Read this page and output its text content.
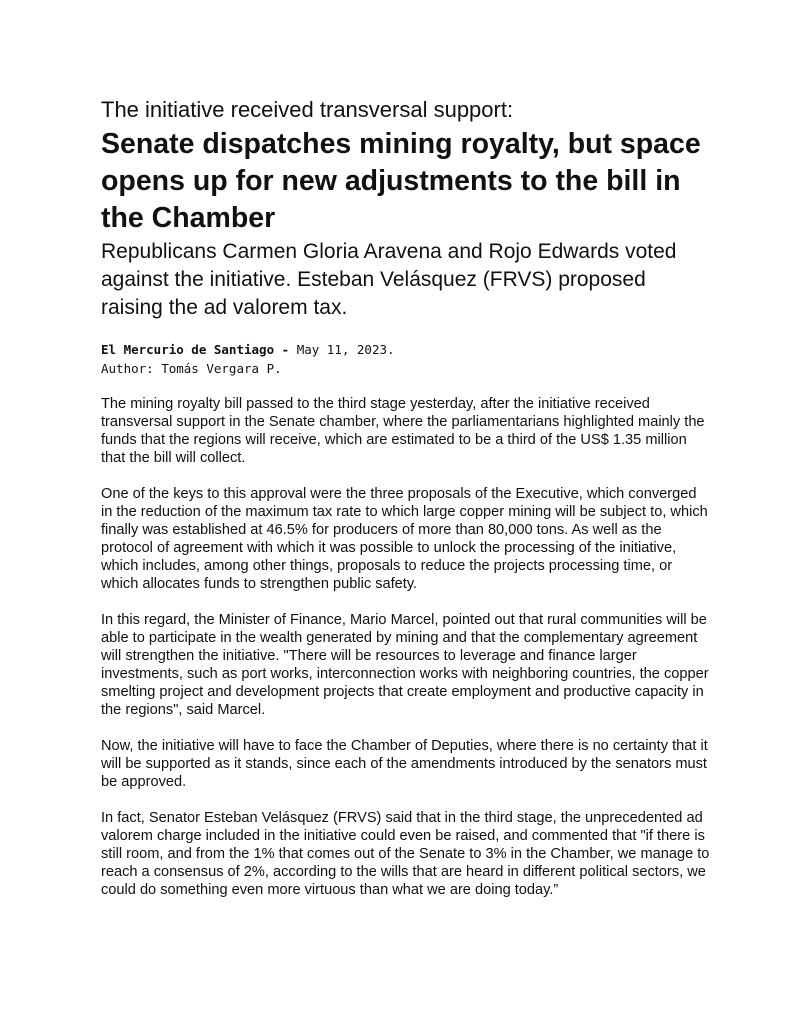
The initiative received transversal support:
Senate dispatches mining royalty, but space opens up for new adjustments to the bill in the Chamber
Republicans Carmen Gloria Aravena and Rojo Edwards voted against the initiative. Esteban Velásquez (FRVS) proposed raising the ad valorem tax.
El Mercurio de Santiago - May 11, 2023.
Author: Tomás Vergara P.

The mining royalty bill passed to the third stage yesterday, after the initiative received transversal support in the Senate chamber, where the parliamentarians highlighted mainly the funds that the regions will receive, which are estimated to be a third of the US$ 1.35 million that the bill will collect.

One of the keys to this approval were the three proposals of the Executive, which converged in the reduction of the maximum tax rate to which large copper mining will be subject to, which finally was established at 46.5% for producers of more than 80,000 tons. As well as the protocol of agreement with which it was possible to unlock the processing of the initiative, which includes, among other things, proposals to reduce the projects processing time, or which allocates funds to strengthen public safety.

In this regard, the Minister of Finance, Mario Marcel, pointed out that rural communities will be able to participate in the wealth generated by mining and that the complementary agreement will strengthen the initiative. "There will be resources to leverage and finance larger investments, such as port works, interconnection works with neighboring countries, the copper smelting project and development projects that create employment and productive capacity in the regions", said Marcel.

Now, the initiative will have to face the Chamber of Deputies, where there is no certainty that it will be supported as it stands, since each of the amendments introduced by the senators must be approved.

In fact, Senator Esteban Velásquez (FRVS) said that in the third stage, the unprecedented ad valorem charge included in the initiative could even be raised, and commented that "if there is still room, and from the 1% that comes out of the Senate to 3% in the Chamber, we manage to reach a consensus of 2%, according to the wills that are heard in different political sectors, we could do something even more virtuous than what we are doing today.”
